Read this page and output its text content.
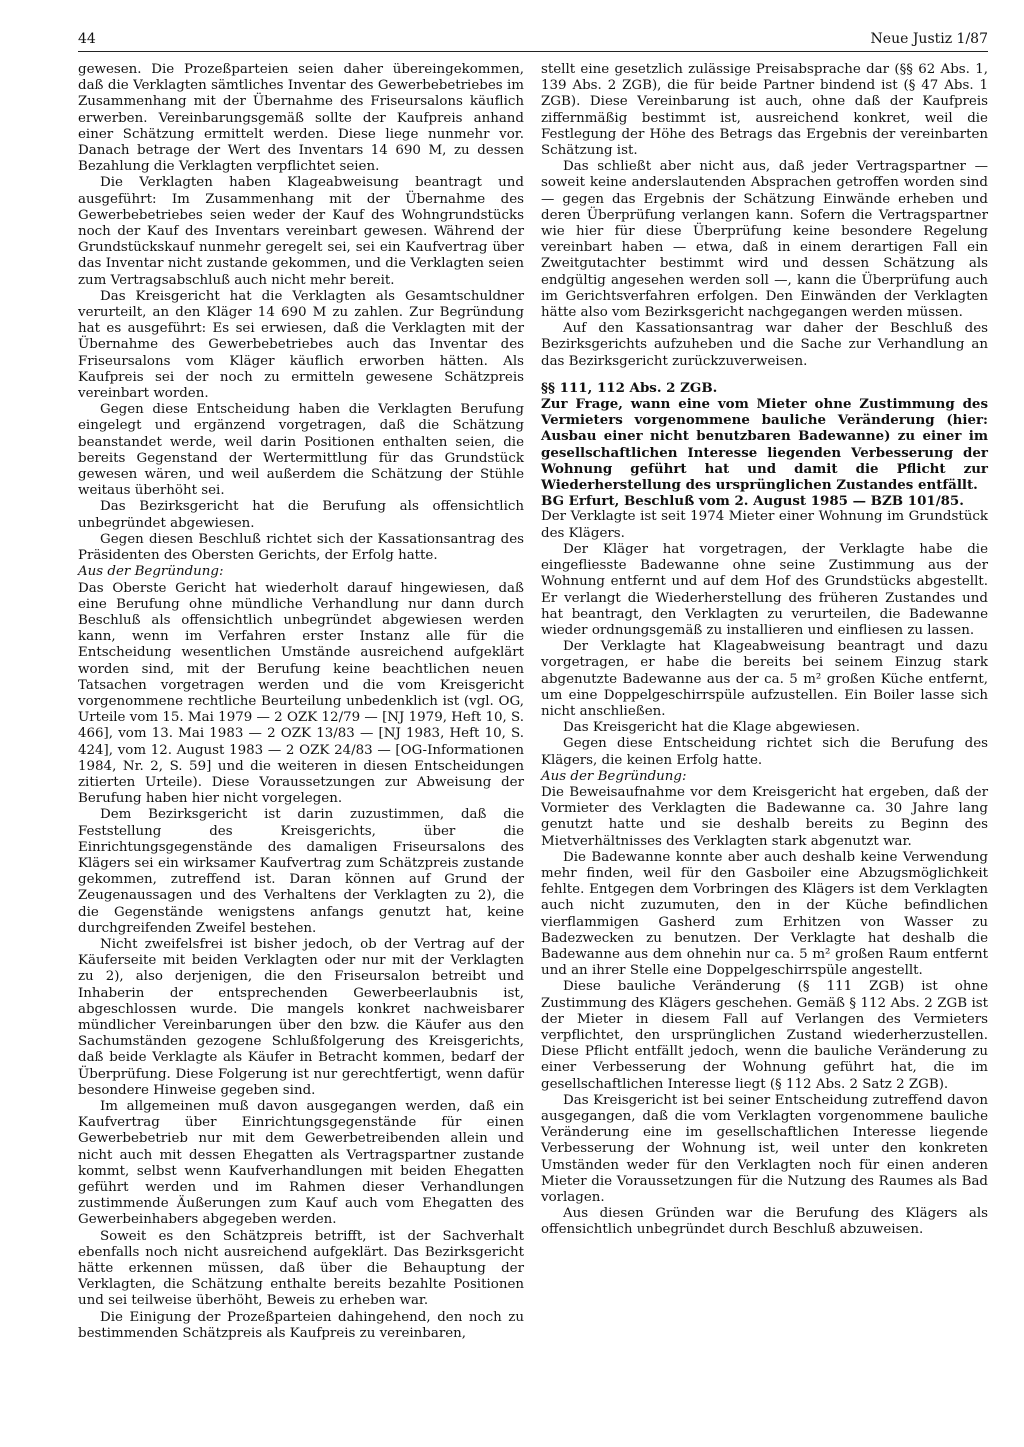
44	Neue Justiz 1/87

gewesen. Die Prozeßparteien seien daher übereingekommen, daß die Verklagten sämtliches Inventar des Gewerbebetriebes im Zusammenhang mit der Übernahme des Friseursalons käuflich erwerben. Vereinbarungsgemäß sollte der Kaufpreis anhand einer Schätzung ermittelt werden. Diese liege nunmehr vor. Danach betrage der Wert des Inventars 14 690 M, zu dessen Bezahlung die Verklagten verpflichtet seien.

Die Verklagten haben Klageabweisung beantragt und ausgeführt: Im Zusammenhang mit der Übernahme des Gewerbebetriebes seien weder der Kauf des Wohngrundstücks noch der Kauf des Inventars vereinbart gewesen. Während der Grundstückskauf nunmehr geregelt sei, sei ein Kaufvertrag über das Inventar nicht zustande gekommen, und die Verklagten seien zum Vertragsabschluß auch nicht mehr bereit.

Das Kreisgericht hat die Verklagten als Gesamtschuldner verurteilt, an den Kläger 14 690 M zu zahlen. Zur Begründung hat es ausgeführt: Es sei erwiesen, daß die Verklagten mit der Übernahme des Gewerbebetriebes auch das Inventar des Friseursalons vom Kläger käuflich erworben hätten. Als Kaufpreis sei der noch zu ermitteln gewesene Schätzpreis vereinbart worden.

Gegen diese Entscheidung haben die Verklagten Berufung eingelegt und ergänzend vorgetragen, daß die Schätzung beanstandet werde, weil darin Positionen enthalten seien, die bereits Gegenstand der Wertermittlung für das Grundstück gewesen wären, und weil außerdem die Schätzung der Stühle weitaus überhöht sei.

Das Bezirksgericht hat die Berufung als offensichtlich unbegründet abgewiesen.

Gegen diesen Beschluß richtet sich der Kassationsantrag des Präsidenten des Obersten Gerichts, der Erfolg hatte.

Aus der Begründung:

Das Oberste Gericht hat wiederholt darauf hingewiesen, daß eine Berufung ohne mündliche Verhandlung nur dann durch Beschluß als offensichtlich unbegründet abgewiesen werden kann, wenn im Verfahren erster Instanz alle für die Entscheidung wesentlichen Umstände ausreichend aufgeklärt worden sind, mit der Berufung keine beachtlichen neuen Tatsachen vorgetragen werden und die vom Kreisgericht vorgenommene rechtliche Beurteilung unbedenklich ist (vgl. OG, Urteile vom 15. Mai 1979 — 2 OZK 12/79 — [NJ 1979, Heft 10, S. 466], vom 13. Mai 1983 — 2 OZK 13/83 — [NJ 1983, Heft 10, S. 424], vom 12. August 1983 — 2 OZK 24/83 — [OG-Informationen 1984, Nr. 2, S. 59] und die weiteren in diesen Entscheidungen zitierten Urteile). Diese Voraussetzungen zur Abweisung der Berufung haben hier nicht vorgelegen.

Dem Bezirksgericht ist darin zuzustimmen, daß die Feststellung des Kreisgerichts, über die Einrichtungsgegenstände des damaligen Friseursalons des Klägers sei ein wirksamer Kaufvertrag zum Schätzpreis zustande gekommen, zutreffend ist. Daran können auf Grund der Zeugenaussagen und des Verhaltens der Verklagten zu 2), die die Gegenstände wenigstens anfangs genutzt hat, keine durchgreifenden Zweifel bestehen.

Nicht zweifelsfrei ist bisher jedoch, ob der Vertrag auf der Käuferseite mit beiden Verklagten oder nur mit der Verklagten zu 2), also derjenigen, die den Friseursalon betreibt und Inhaberin der entsprechenden Gewerbeerlaubnis ist, abgeschlossen wurde. Die mangels konkret nachweisbarer mündlicher Vereinbarungen über den bzw. die Käufer aus den Sachumständen gezogene Schlußfolgerung des Kreisgerichts, daß beide Verklagte als Käufer in Betracht kommen, bedarf der Überprüfung. Diese Folgerung ist nur gerechtfertigt, wenn dafür besondere Hinweise gegeben sind.

Im allgemeinen muß davon ausgegangen werden, daß ein Kaufvertrag über Einrichtungsgegenstände für einen Gewerbebetrieb nur mit dem Gewerbetreibenden allein und nicht auch mit dessen Ehegatten als Vertragspartner zustande kommt, selbst wenn Kaufverhandlungen mit beiden Ehegatten geführt werden und im Rahmen dieser Verhandlungen zustimmende Äußerungen zum Kauf auch vom Ehegatten des Gewerbeinhabers abgegeben werden.

Soweit es den Schätzpreis betrifft, ist der Sachverhalt ebenfalls noch nicht ausreichend aufgeklärt. Das Bezirksgericht hätte erkennen müssen, daß über die Behauptung der Verklagten, die Schätzung enthalte bereits bezahlte Positionen und sei teilweise überhöht, Beweis zu erheben war.

Die Einigung der Prozeßparteien dahingehend, den noch zu bestimmenden Schätzpreis als Kaufpreis zu vereinbaren,

stellt eine gesetzlich zulässige Preisabsprache dar (§§ 62 Abs. 1, 139 Abs. 2 ZGB), die für beide Partner bindend ist (§ 47 Abs. 1 ZGB). Diese Vereinbarung ist auch, ohne daß der Kaufpreis ziffernmäßig bestimmt ist, ausreichend konkret, weil die Festlegung der Höhe des Betrags das Ergebnis der vereinbarten Schätzung ist.

Das schließt aber nicht aus, daß jeder Vertragspartner — soweit keine anderslautenden Absprachen getroffen worden sind — gegen das Ergebnis der Schätzung Einwände erheben und deren Überprüfung verlangen kann. Sofern die Vertragspartner wie hier für diese Überprüfung keine besondere Regelung vereinbart haben — etwa, daß in einem derartigen Fall ein Zweitgutachter bestimmt wird und dessen Schätzung als endgültig angesehen werden soll —, kann die Überprüfung auch im Gerichtsverfahren erfolgen. Den Einwänden der Verklagten hätte also vom Bezirksgericht nachgegangen werden müssen.

Auf den Kassationsantrag war daher der Beschluß des Bezirksgerichts aufzuheben und die Sache zur Verhandlung an das Bezirksgericht zurückzuverweisen.

§§ 111, 112 Abs. 2 ZGB.

Zur Frage, wann eine vom Mieter ohne Zustimmung des Vermieters vorgenommene bauliche Veränderung (hier: Ausbau einer nicht benutzbaren Badewanne) zu einer im gesellschaftlichen Interesse liegenden Verbesserung der Wohnung geführt hat und damit die Pflicht zur Wiederherstellung des ursprünglichen Zustandes entfällt.

BG Erfurt, Beschluß vom 2. August 1985 — BZB 101/85.

Der Verklagte ist seit 1974 Mieter einer Wohnung im Grundstück des Klägers.

Der Kläger hat vorgetragen, der Verklagte habe die eingefliesste Badewanne ohne seine Zustimmung aus der Wohnung entfernt und auf dem Hof des Grundstücks abgestellt. Er verlangt die Wiederherstellung des früheren Zustandes und hat beantragt, den Verklagten zu verurteilen, die Badewanne wieder ordnungsgemäß zu installieren und einfliesen zu lassen.

Der Verklagte hat Klageabweisung beantragt und dazu vorgetragen, er habe die bereits bei seinem Einzug stark abgenutzte Badewanne aus der ca. 5 m² großen Küche entfernt, um eine Doppelgeschirrspüle aufzustellen. Ein Boiler lasse sich nicht anschließen.

Das Kreisgericht hat die Klage abgewiesen.

Gegen diese Entscheidung richtet sich die Berufung des Klägers, die keinen Erfolg hatte.

Aus der Begründung:

Die Beweisaufnahme vor dem Kreisgericht hat ergeben, daß der Vormieter des Verklagten die Badewanne ca. 30 Jahre lang genutzt hatte und sie deshalb bereits zu Beginn des Mietverhältnisses des Verklagten stark abgenutzt war.

Die Badewanne konnte aber auch deshalb keine Verwendung mehr finden, weil für den Gasboiler eine Abzugsmöglichkeit fehlte. Entgegen dem Vorbringen des Klägers ist dem Verklagten auch nicht zuzumuten, den in der Küche befindlichen vierflammigen Gasherd zum Erhitzen von Wasser zu Badezwecken zu benutzen. Der Verklagte hat deshalb die Badewanne aus dem ohnehin nur ca. 5 m² großen Raum entfernt und an ihrer Stelle eine Doppelgeschirrspüle angestellt.

Diese bauliche Veränderung (§ 111 ZGB) ist ohne Zustimmung des Klägers geschehen. Gemäß § 112 Abs. 2 ZGB ist der Mieter in diesem Fall auf Verlangen des Vermieters verpflichtet, den ursprünglichen Zustand wiederherzustellen. Diese Pflicht entfällt jedoch, wenn die bauliche Veränderung zu einer Verbesserung der Wohnung geführt hat, die im gesellschaftlichen Interesse liegt (§ 112 Abs. 2 Satz 2 ZGB).

Das Kreisgericht ist bei seiner Entscheidung zutreffend davon ausgegangen, daß die vom Verklagten vorgenommene bauliche Veränderung eine im gesellschaftlichen Interesse liegende Verbesserung der Wohnung ist, weil unter den konkreten Umständen weder für den Verklagten noch für einen anderen Mieter die Voraussetzungen für die Nutzung des Raumes als Bad vorlagen.

Aus diesen Gründen war die Berufung des Klägers als offensichtlich unbegründet durch Beschluß abzuweisen.
